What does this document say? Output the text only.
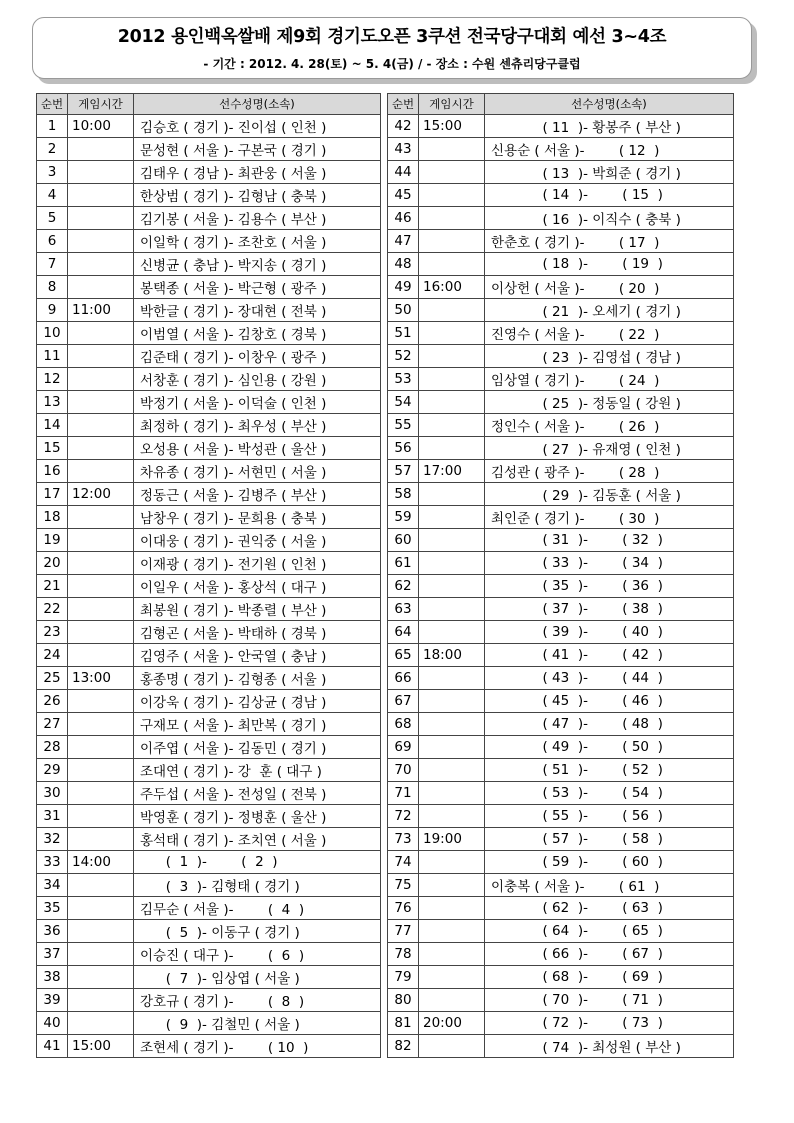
2012 용인백옥쌀배 제9회 경기도오픈 3쿠션 전국당구대회 예선 3~4조
- 기간 : 2012. 4. 28(토) ~ 5. 4(금) / - 장소 : 수원 센츄리당구클럽
순번	게임시간	선수성명(소속)
1	10:00	김승호 ( 경기 )- 진이섭 ( 인천 )
2		문성현 ( 서울 )- 구본국 ( 경기 )
3		김태우 ( 경남 )- 최관웅 ( 서울 )
4		한상범 ( 경기 )- 김형남 ( 충북 )
5		김기봉 ( 서울 )- 김용수 ( 부산 )
6		이일학 ( 경기 )- 조찬호 ( 서울 )
7		신병균 ( 충남 )- 박지송 ( 경기 )
8		봉택종 ( 서울 )- 박근형 ( 광주 )
9	11:00	박한글 ( 경기 )- 장대현 ( 전북 )
10		이범열 ( 서울 )- 김창호 ( 경북 )
11		김준태 ( 경기 )- 이창우 ( 광주 )
12		서창훈 ( 경기 )- 심인용 ( 강원 )
13		박정기 ( 서울 )- 이덕술 ( 인천 )
14		최정하 ( 경기 )- 최우성 ( 부산 )
15		오성용 ( 서울 )- 박성관 ( 울산 )
16		차유종 ( 경기 )- 서현민 ( 서울 )
17	12:00	정동근 ( 서울 )- 김병주 ( 부산 )
18		남창우 ( 경기 )- 문희용 ( 충북 )
19		이대웅 ( 경기 )- 권익중 ( 서울 )
20		이재광 ( 경기 )- 전기원 ( 인천 )
21		이일우 ( 서울 )- 홍상석 ( 대구 )
22		최봉원 ( 경기 )- 박종렬 ( 부산 )
23		김형곤 ( 서울 )- 박태하 ( 경북 )
24		김영주 ( 서울 )- 안국열 ( 충남 )
25	13:00	홍종명 ( 경기 )- 김형종 ( 서울 )
26		이강욱 ( 경기 )- 김상균 ( 경남 )
27		구재모 ( 서울 )- 최만복 ( 경기 )
28		이주엽 ( 서울 )- 김동민 ( 경기 )
29		조대연 ( 경기 )- 강  훈 ( 대구 )
30		주두섭 ( 서울 )- 전성일 ( 전북 )
31		박영훈 ( 경기 )- 정병훈 ( 울산 )
32		홍석태 ( 경기 )- 조치연 ( 서울 )
33	14:00	(  1  )-        (  2  )
34		(  3  )- 김형태 ( 경기 )
35		김무순 ( 서울 )-        (  4  )
36		(  5  )- 이동구 ( 경기 )
37		이승진 ( 대구 )-        (  6  )
38		(  7  )- 임상엽 ( 서울 )
39		강호규 ( 경기 )-        (  8  )
40		(  9  )- 김철민 ( 서울 )
41	15:00	조현세 ( 경기 )-        ( 10  )
순번	게임시간	선수성명(소속)
42	15:00	( 11  )- 황봉주 ( 부산 )
43		신용순 ( 서울 )-        ( 12  )
44		( 13  )- 박희준 ( 경기 )
45		( 14  )-        ( 15  )
46		( 16  )- 이직수 ( 충북 )
47		한춘호 ( 경기 )-        ( 17  )
48		( 18  )-        ( 19  )
49	16:00	이상헌 ( 서울 )-        ( 20  )
50		( 21  )- 오세기 ( 경기 )
51		진영수 ( 서울 )-        ( 22  )
52		( 23  )- 김영섭 ( 경남 )
53		임상열 ( 경기 )-        ( 24  )
54		( 25  )- 정동일 ( 강원 )
55		정인수 ( 서울 )-        ( 26  )
56		( 27  )- 유재영 ( 인천 )
57	17:00	김성관 ( 광주 )-        ( 28  )
58		( 29  )- 김동훈 ( 서울 )
59		최인준 ( 경기 )-        ( 30  )
60		( 31  )-        ( 32  )
61		( 33  )-        ( 34  )
62		( 35  )-        ( 36  )
63		( 37  )-        ( 38  )
64		( 39  )-        ( 40  )
65	18:00	( 41  )-        ( 42  )
66		( 43  )-        ( 44  )
67		( 45  )-        ( 46  )
68		( 47  )-        ( 48  )
69		( 49  )-        ( 50  )
70		( 51  )-        ( 52  )
71		( 53  )-        ( 54  )
72		( 55  )-        ( 56  )
73	19:00	( 57  )-        ( 58  )
74		( 59  )-        ( 60  )
75		이충복 ( 서울 )-        ( 61  )
76		( 62  )-        ( 63  )
77		( 64  )-        ( 65  )
78		( 66  )-        ( 67  )
79		( 68  )-        ( 69  )
80		( 70  )-        ( 71  )
81	20:00	( 72  )-        ( 73  )
82		( 74  )- 최성원 ( 부산 )
